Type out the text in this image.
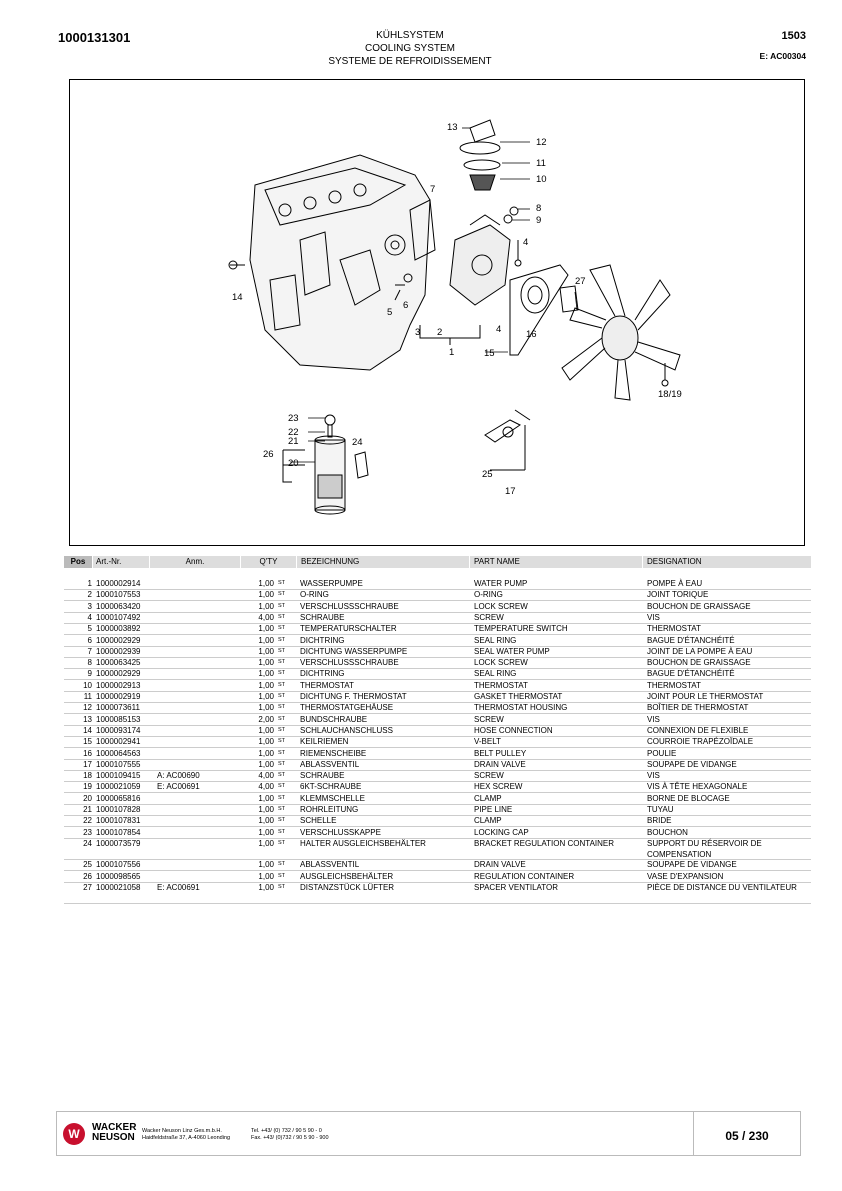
1000131301	KÜHLSYSTEM
COOLING SYSTEM
SYSTEME DE REFROIDISSEMENT
1503
E: AC00304
13
12
11
10
8
9
7
4
27
14
6
5
3 2
1
4	16
15
18/19
23
22
21	24
26
20
25
17
Pos	Art.-Nr.	Anm.	Q'TY	BEZEICHNUNG	PART NAME	DESIGNATION
1 1000002914	1,00 ST WASSERPUMPE	WATER PUMP	POMPE À EAU
2 1000107553	1,00 ST O-RING	O-RING	JOINT TORIQUE
3 1000063420	1,00 ST VERSCHLUSSSCHRAUBE	LOCK SCREW	BOUCHON DE GRAISSAGE
4 1000107492	4,00 ST SCHRAUBE	SCREW	VIS
5 1000003892	1,00 ST TEMPERATURSCHALTER	TEMPERATURE SWITCH	THERMOSTAT
6 1000002929	1,00 ST DICHTRING	SEAL RING	BAGUE D'ÉTANCHÉITÉ
7 1000002939	1,00 ST DICHTUNG WASSERPUMPE	SEAL WATER PUMP	JOINT DE LA POMPE À EAU
8 1000063425	1,00 ST VERSCHLUSSSCHRAUBE	LOCK SCREW	BOUCHON DE GRAISSAGE
9 1000002929	1,00 ST DICHTRING	SEAL RING	BAGUE D'ÉTANCHÉITÉ
10 1000002913	1,00 ST THERMOSTAT	THERMOSTAT	THERMOSTAT
11 1000002919	1,00 ST DICHTUNG F. THERMOSTAT	GASKET THERMOSTAT	JOINT POUR LE THERMOSTAT
12 1000073611	1,00 ST THERMOSTATGEHÄUSE	THERMOSTAT HOUSING	BOÎTIER DE THERMOSTAT
13 1000085153	2,00 ST BUNDSCHRAUBE	SCREW	VIS
14 1000093174	1,00 ST SCHLAUCHANSCHLUSS	HOSE CONNECTION	CONNEXION DE FLEXIBLE
15 1000002941	1,00 ST KEILRIEMEN	V-BELT	COURROIE TRAPÉZOÏDALE
16 1000064563	1,00 ST RIEMENSCHEIBE	BELT PULLEY	POULIE
17 1000107555	1,00 ST ABLASSVENTIL	DRAIN VALVE	SOUPAPE DE VIDANGE
18 1000109415 A: AC00690	4,00 ST SCHRAUBE	SCREW	VIS
19 1000021059 E: AC00691	4,00 ST 6KT-SCHRAUBE	HEX SCREW	VIS À TÊTE HEXAGONALE
20 1000065816	1,00 ST KLEMMSCHELLE	CLAMP	BORNE DE BLOCAGE
21 1000107828	1,00 ST ROHRLEITUNG	PIPE LINE	TUYAU
22 1000107831	1,00 ST SCHELLE	CLAMP	BRIDE
23 1000107854	1,00 ST VERSCHLUSSKAPPE	LOCKING CAP	BOUCHON
24 1000073579	1,00 ST HALTER AUSGLEICHSBEHÄLTER	BRACKET REGULATION CONTAINER	SUPPORT DU RÉSERVOIR DE COMPENSATION
25 1000107556	1,00 ST ABLASSVENTIL	DRAIN VALVE	SOUPAPE DE VIDANGE
26 1000098565	1,00 ST AUSGLEICHSBEHÄLTER	REGULATION CONTAINER	VASE D'EXPANSION
27 1000021058 E: AC00691	1,00 ST DISTANZSTÜCK LÜFTER	SPACER VENTILATOR	PIÈCE DE DISTANCE DU VENTILATEUR
W	WACKER
NEUSON
Wacker Neuson Linz Ges.m.b.H.
Haidfeldstraße 37, A-4060 Leonding
Tel. +43/ (0) 732 / 90 5 90 - 0
Fax. +43/ (0)732 / 90 5 90 - 900	05 / 230
